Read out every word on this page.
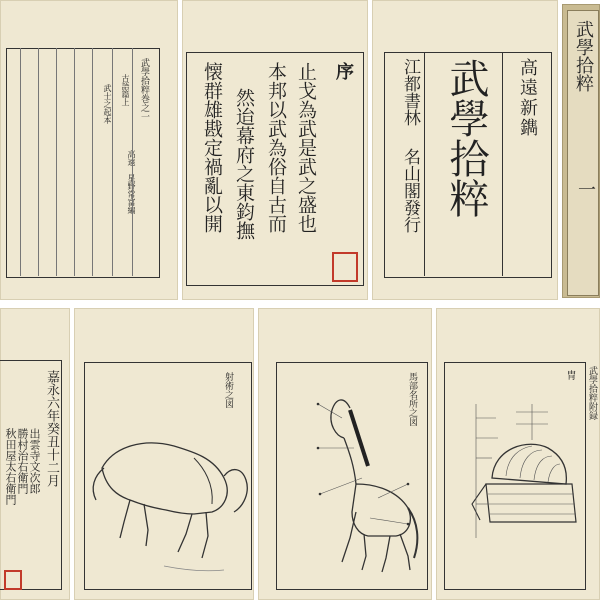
武學拾粹巻之一
古語篇上
武士之起本
高遠　星野常富編
序
止戈為武是武之盛也
本邦以武為俗自古而
然迨幕府之東鈞撫
懐群雄戡定禍亂以開	高遠新鐫
武學拾粹
江都書林
名山閣發行
武學拾粹
一
嘉永六年癸丑十二月
出雲寺文次郎
勝村治右衛門
秋田屋太右衛門
射術之図	馬部名所之図	武學拾粹附録
冑
